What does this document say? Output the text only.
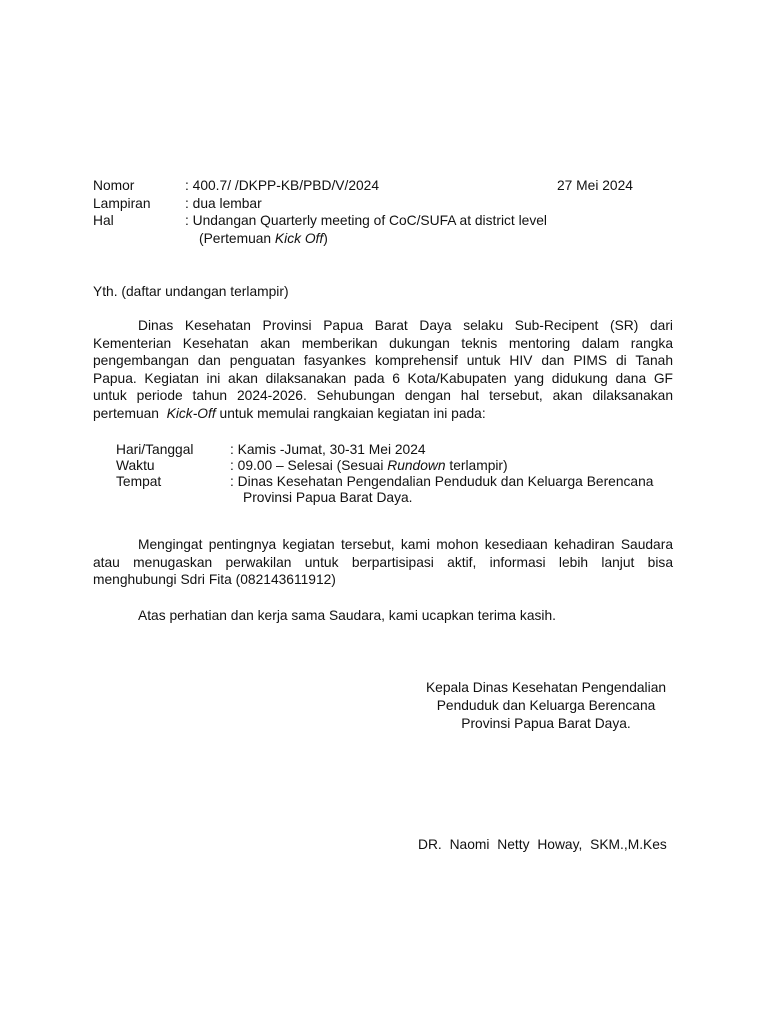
Nomor	: 400.7/ /DKPP-KB/PBD/V/2024	27 Mei 2024
Lampiran : dua lembar
Hal	: Undangan Quarterly meeting of CoC/SUFA at district level
(Pertemuan Kick Off)
Yth. (daftar undangan terlampir)
Dinas Kesehatan Provinsi Papua Barat Daya selaku Sub-Recipent (SR) dari
Kementerian Kesehatan akan memberikan dukungan teknis mentoring dalam rangka
pengembangan dan penguatan fasyankes komprehensif untuk HIV dan PIMS di Tanah
Papua. Kegiatan ini akan dilaksanakan pada 6 Kota/Kabupaten yang didukung dana GF
untuk periode tahun 2024-2026. Sehubungan dengan hal tersebut, akan dilaksanakan
pertemuan  Kick-Off untuk memulai rangkaian kegiatan ini pada:
Hari/Tanggal	: Kamis -Jumat, 30-31 Mei 2024
Waktu	: 09.00 – Selesai (Sesuai Rundown terlampir)
Tempat	: Dinas Kesehatan Pengendalian Penduduk dan Keluarga Berencana
Provinsi Papua Barat Daya.
Mengingat pentingnya kegiatan tersebut, kami mohon kesediaan kehadiran Saudara
atau menugaskan perwakilan untuk berpartisipasi aktif, informasi lebih lanjut bisa
menghubungi Sdri Fita (082143611912)
Atas perhatian dan kerja sama Saudara, kami ucapkan terima kasih.
Kepala Dinas Kesehatan Pengendalian
Penduduk dan Keluarga Berencana
Provinsi Papua Barat Daya.
DR. Naomi Netty Howay, SKM.,M.Kes
